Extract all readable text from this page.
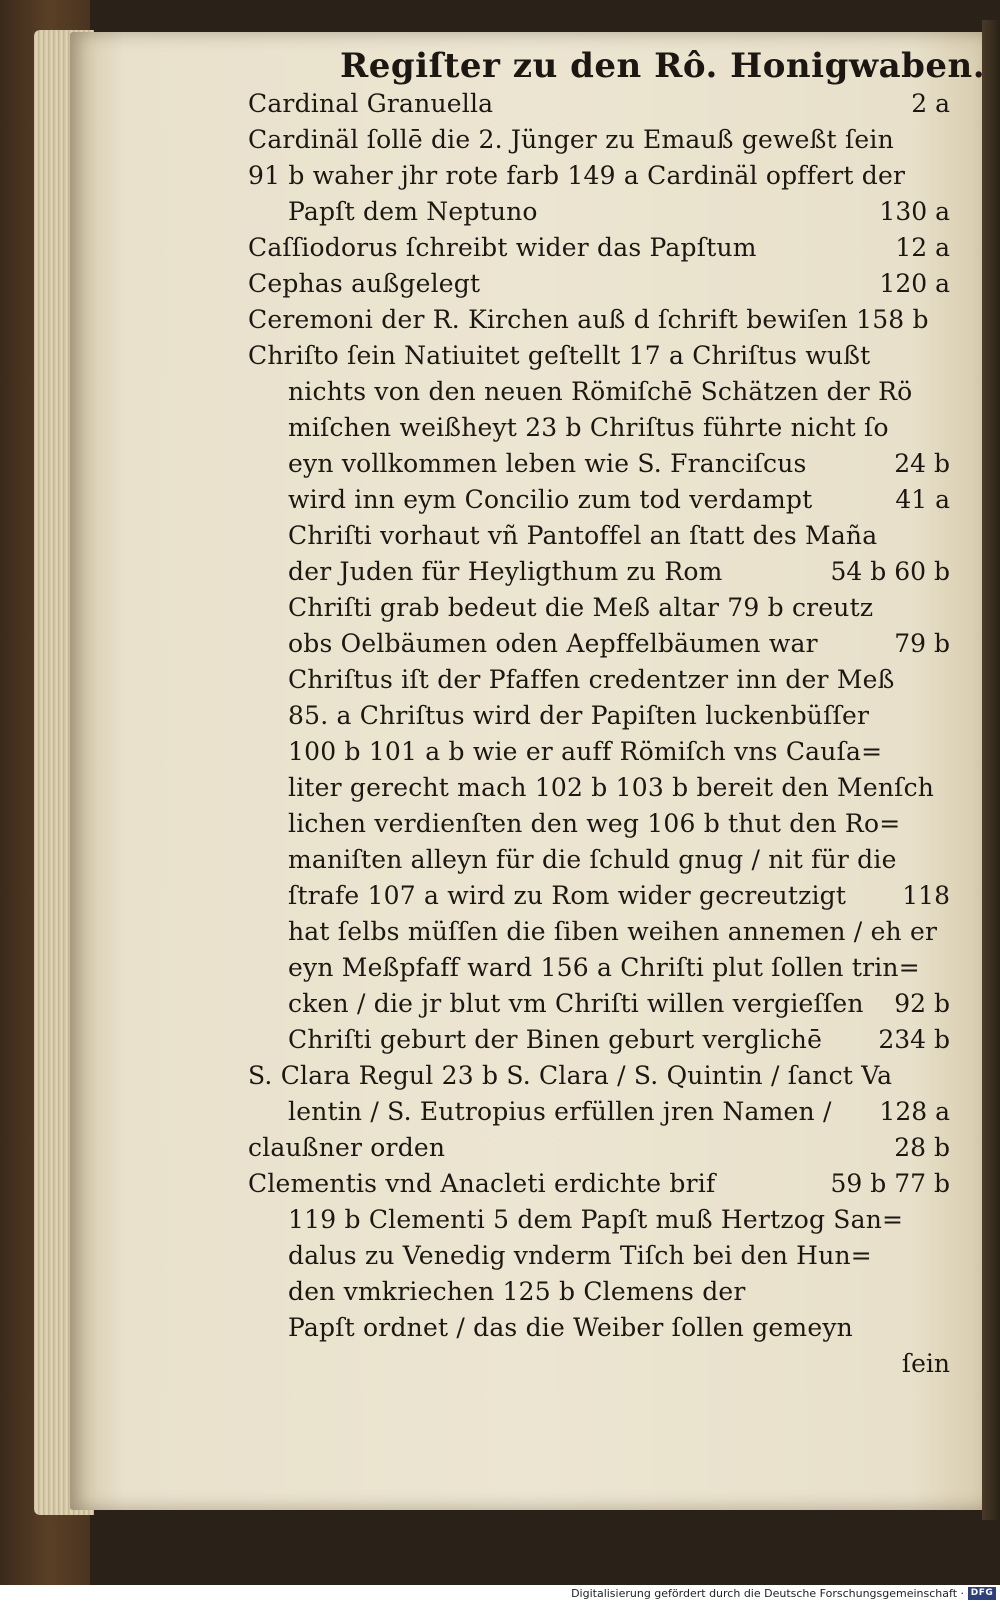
Regiſter zu den Rô. Honigwaben.
Cardinal Granuella	2 a
Cardinäl ſollē die 2. Jünger zu Emauß geweßt ſein
91 b waher jhr rote farb 149 a Cardinäl opffert der
Papſt dem Neptuno	130 a
Caſſiodorus ſchreibt wider das Papſtum	12 a
Cephas außgelegt	120 a
Ceremoni der R. Kirchen auß d ſchrift bewiſen 158 b
Chriſto ſein Natiuitet geſtellt 17 a Chriſtus wußt
nichts von den neuen Römiſchē Schätzen der Rö
miſchen weißheyt 23 b Chriſtus führte nicht ſo
eyn vollkommen leben wie S. Franciſcus	24 b
wird inn eym Concilio zum tod verdampt	41 a
Chriſti vorhaut vñ Pantoffel an ſtatt des Maña
der Juden für Heyligthum zu Rom	54 b 60 b
Chriſti grab bedeut die Meß altar 79 b creutz
obs Oelbäumen oden Aepffelbäumen war	79 b
Chriſtus iſt der Pfaffen credentzer inn der Meß
85. a Chriſtus wird der Papiſten luckenbüſſer
100 b 101 a b wie er auff Römiſch vns Cauſa=
liter gerecht mach 102 b 103 b bereit den Menſch
lichen verdienſten den weg 106 b thut den Ro=
maniſten alleyn für die ſchuld gnug / nit für die
ſtrafe 107 a wird zu Rom wider gecreutzigt	118
hat ſelbs müſſen die ſiben weihen annemen / eh er
eyn Meßpfaff ward 156 a Chriſti plut ſollen trin=
cken / die jr blut vm Chriſti willen vergieſſen	92 b
Chriſti geburt der Binen geburt verglichē	234 b
S. Clara Regul 23 b S. Clara / S. Quintin / ſanct Va
lentin / S. Eutropius erfüllen jren Namen /	128 a
claußner orden	28 b
Clementis vnd Anacleti erdichte brif	59 b 77 b
119 b Clementi 5 dem Papſt muß Hertzog San=
dalus zu Venedig vnderm Tiſch bei den Hun=
den vmkriechen 125 b Clemens der
Papſt ordnet / das die Weiber ſollen gemeyn
ſein
Digitalisierung gefördert durch die Deutsche Forschungsgemeinschaft · DFG
